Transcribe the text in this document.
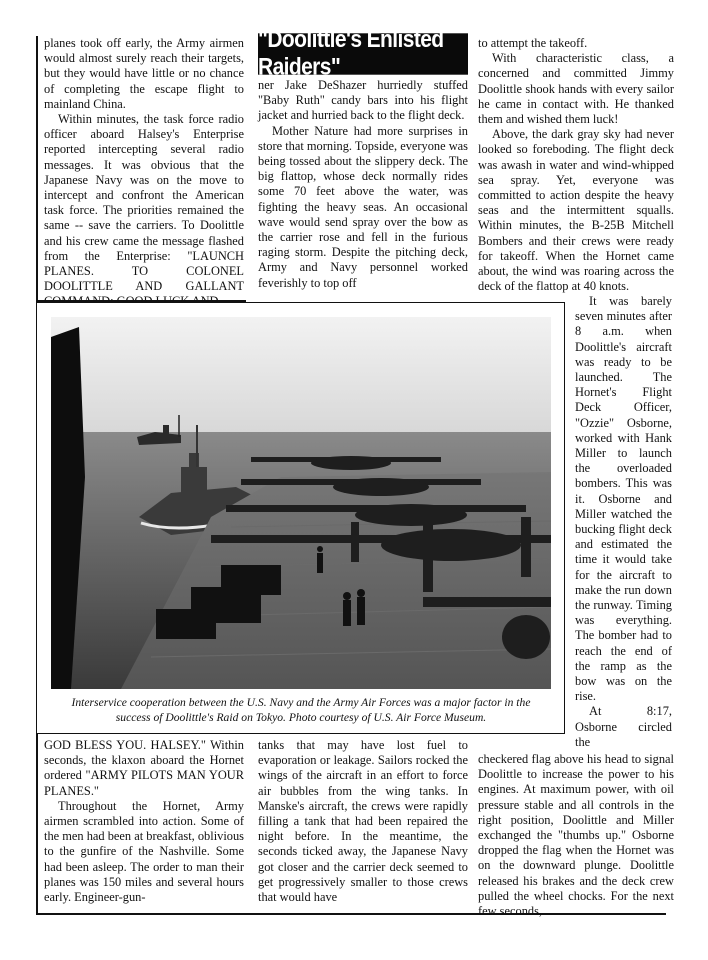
"Doolittle's Enlisted Raiders"

planes took off early, the Army airmen would almost surely reach their targets, but they would have little or no chance of completing the escape flight to mainland China.

Within minutes, the task force radio officer aboard Halsey's Enterprise reported intercepting several radio messages. It was obvious that the Japanese Navy was on the move to intercept and confront the American task force. The priorities remained the same -- save the carriers. To Doolittle and his crew came the message flashed from the Enterprise: "LAUNCH PLANES. TO COLONEL DOOLITTLE AND GALLANT

ner Jake DeShazer hurriedly stuffed "Baby Ruth" candy bars into his flight jacket and hurried back to the flight deck.

Mother Nature had more surprises in store that morning. Topside, everyone was being tossed about the slippery deck. The big flattop, whose deck normally rides some 70 feet above the water, was fighting the heavy seas. An occasional wave would send spray over the bow as the carrier rose and fell in the furious raging storm. Despite the pitching deck, Army and Navy personnel worked feverishly to top off

to attempt the takeoff.

With characteristic class, a concerned and committed Jimmy Doolittle shook hands with every sailor he came in contact with. He thanked them and wished them luck!

Above, the dark gray sky had never looked so foreboding. The flight deck was awash in water and wind-whipped sea spray. Yet, everyone was committed to action despite the heavy seas and the intermittent squalls. Within minutes, the B-25B Mitchell Bombers and their crews were ready for takeoff. When the Hornet came about, the wind was roaring across the deck of the flattop at 40 knots.

It was barely seven minutes after 8 a.m. when Doolittle's aircraft was ready to be launched. The Hornet's Flight Deck Officer, "Ozzie" Osborne, worked with Hank Miller to launch the overloaded bombers. This was it. Osborne and Miller watched the bucking flight deck and estimated the time it would take for the aircraft to make the run down the runway. Timing was everything. The bomber had to reach the end of the ramp as the bow was on the rise.

At 8:17, Osborne circled the

Interservice cooperation between the U.S. Navy and the Army Air Forces was a major factor in the success of Doolittle's Raid on Tokyo. Photo courtesy of U.S. Air Force Museum.

GOD BLESS YOU. HALSEY." Within seconds, the klaxon aboard the Hornet ordered "ARMY PILOTS MAN YOUR PLANES."

Throughout the Hornet, Army airmen scrambled into action. Some of the men had been at breakfast, oblivious to the gunfire of the Nashville. Some had been asleep. The order to man their planes was 150 miles and several hours early. Engineer-gun-

tanks that may have lost fuel to evaporation or leakage. Sailors rocked the wings of the aircraft in an effort to force air bubbles from the wing tanks. In Manske's aircraft, the crews were rapidly filling a tank that had been repaired the night before. In the meantime, the seconds ticked away, the Japanese Navy got closer and the carrier deck seemed to get progressively smaller to those crews that would have

checkered flag above his head to signal Doolittle to increase the power to his engines. At maximum power, with oil pressure stable and all controls in the right position, Doolittle and Miller exchanged the "thumbs up." Osborne dropped the flag when the Hornet was on the downward plunge. Doolittle released his brakes and the deck crew pulled the wheel chocks. For the next few seconds,
